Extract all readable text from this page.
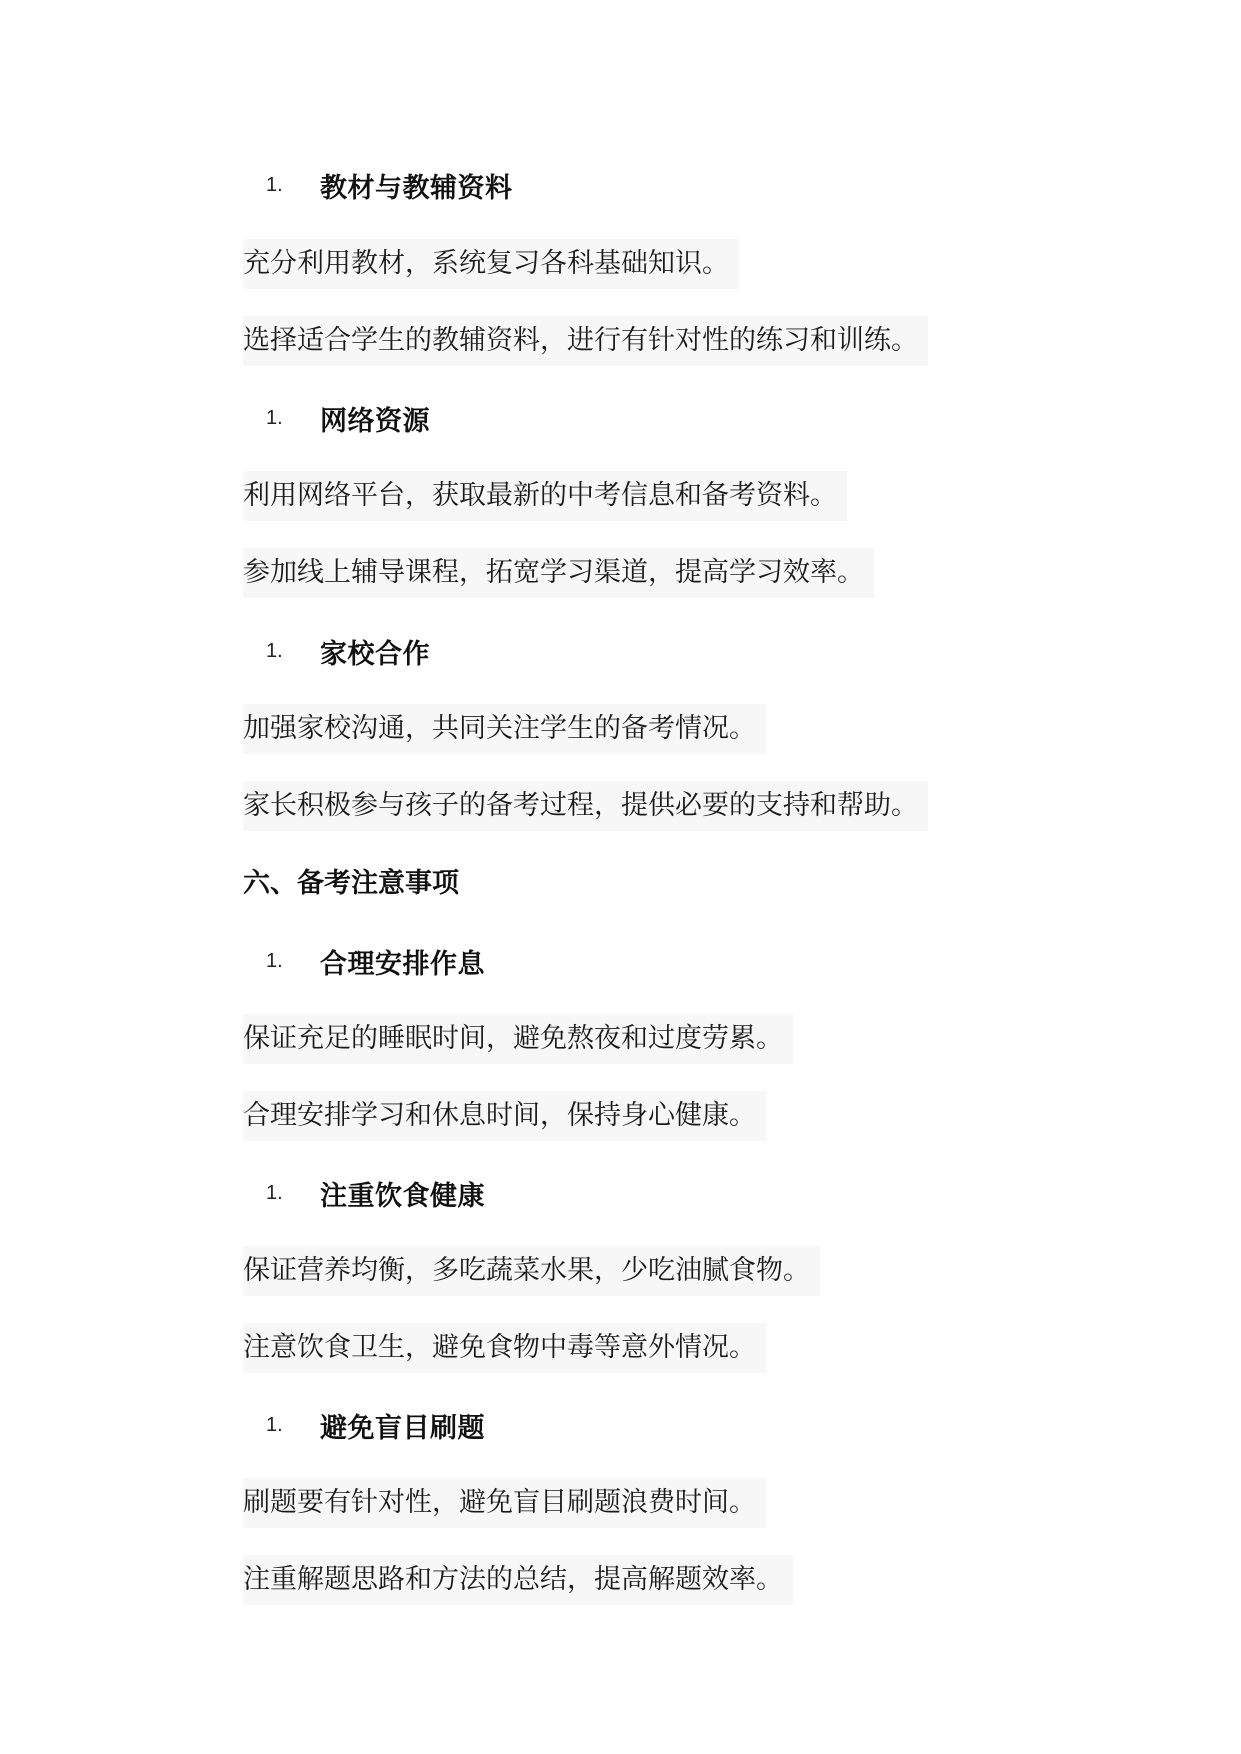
1.	教材与教辅资料
充分利用教材，系统复习各科基础知识。
选择适合学生的教辅资料，进行有针对性的练习和训练。
1.	网络资源
利用网络平台，获取最新的中考信息和备考资料。
参加线上辅导课程，拓宽学习渠道，提高学习效率。
1.	家校合作
加强家校沟通，共同关注学生的备考情况。
家长积极参与孩子的备考过程，提供必要的支持和帮助。
六、备考注意事项
1.	合理安排作息
保证充足的睡眠时间，避免熬夜和过度劳累。
合理安排学习和休息时间，保持身心健康。
1.	注重饮食健康
保证营养均衡，多吃蔬菜水果，少吃油腻食物。
注意饮食卫生，避免食物中毒等意外情况。
1.	避免盲目刷题
刷题要有针对性，避免盲目刷题浪费时间。
注重解题思路和方法的总结，提高解题效率。
